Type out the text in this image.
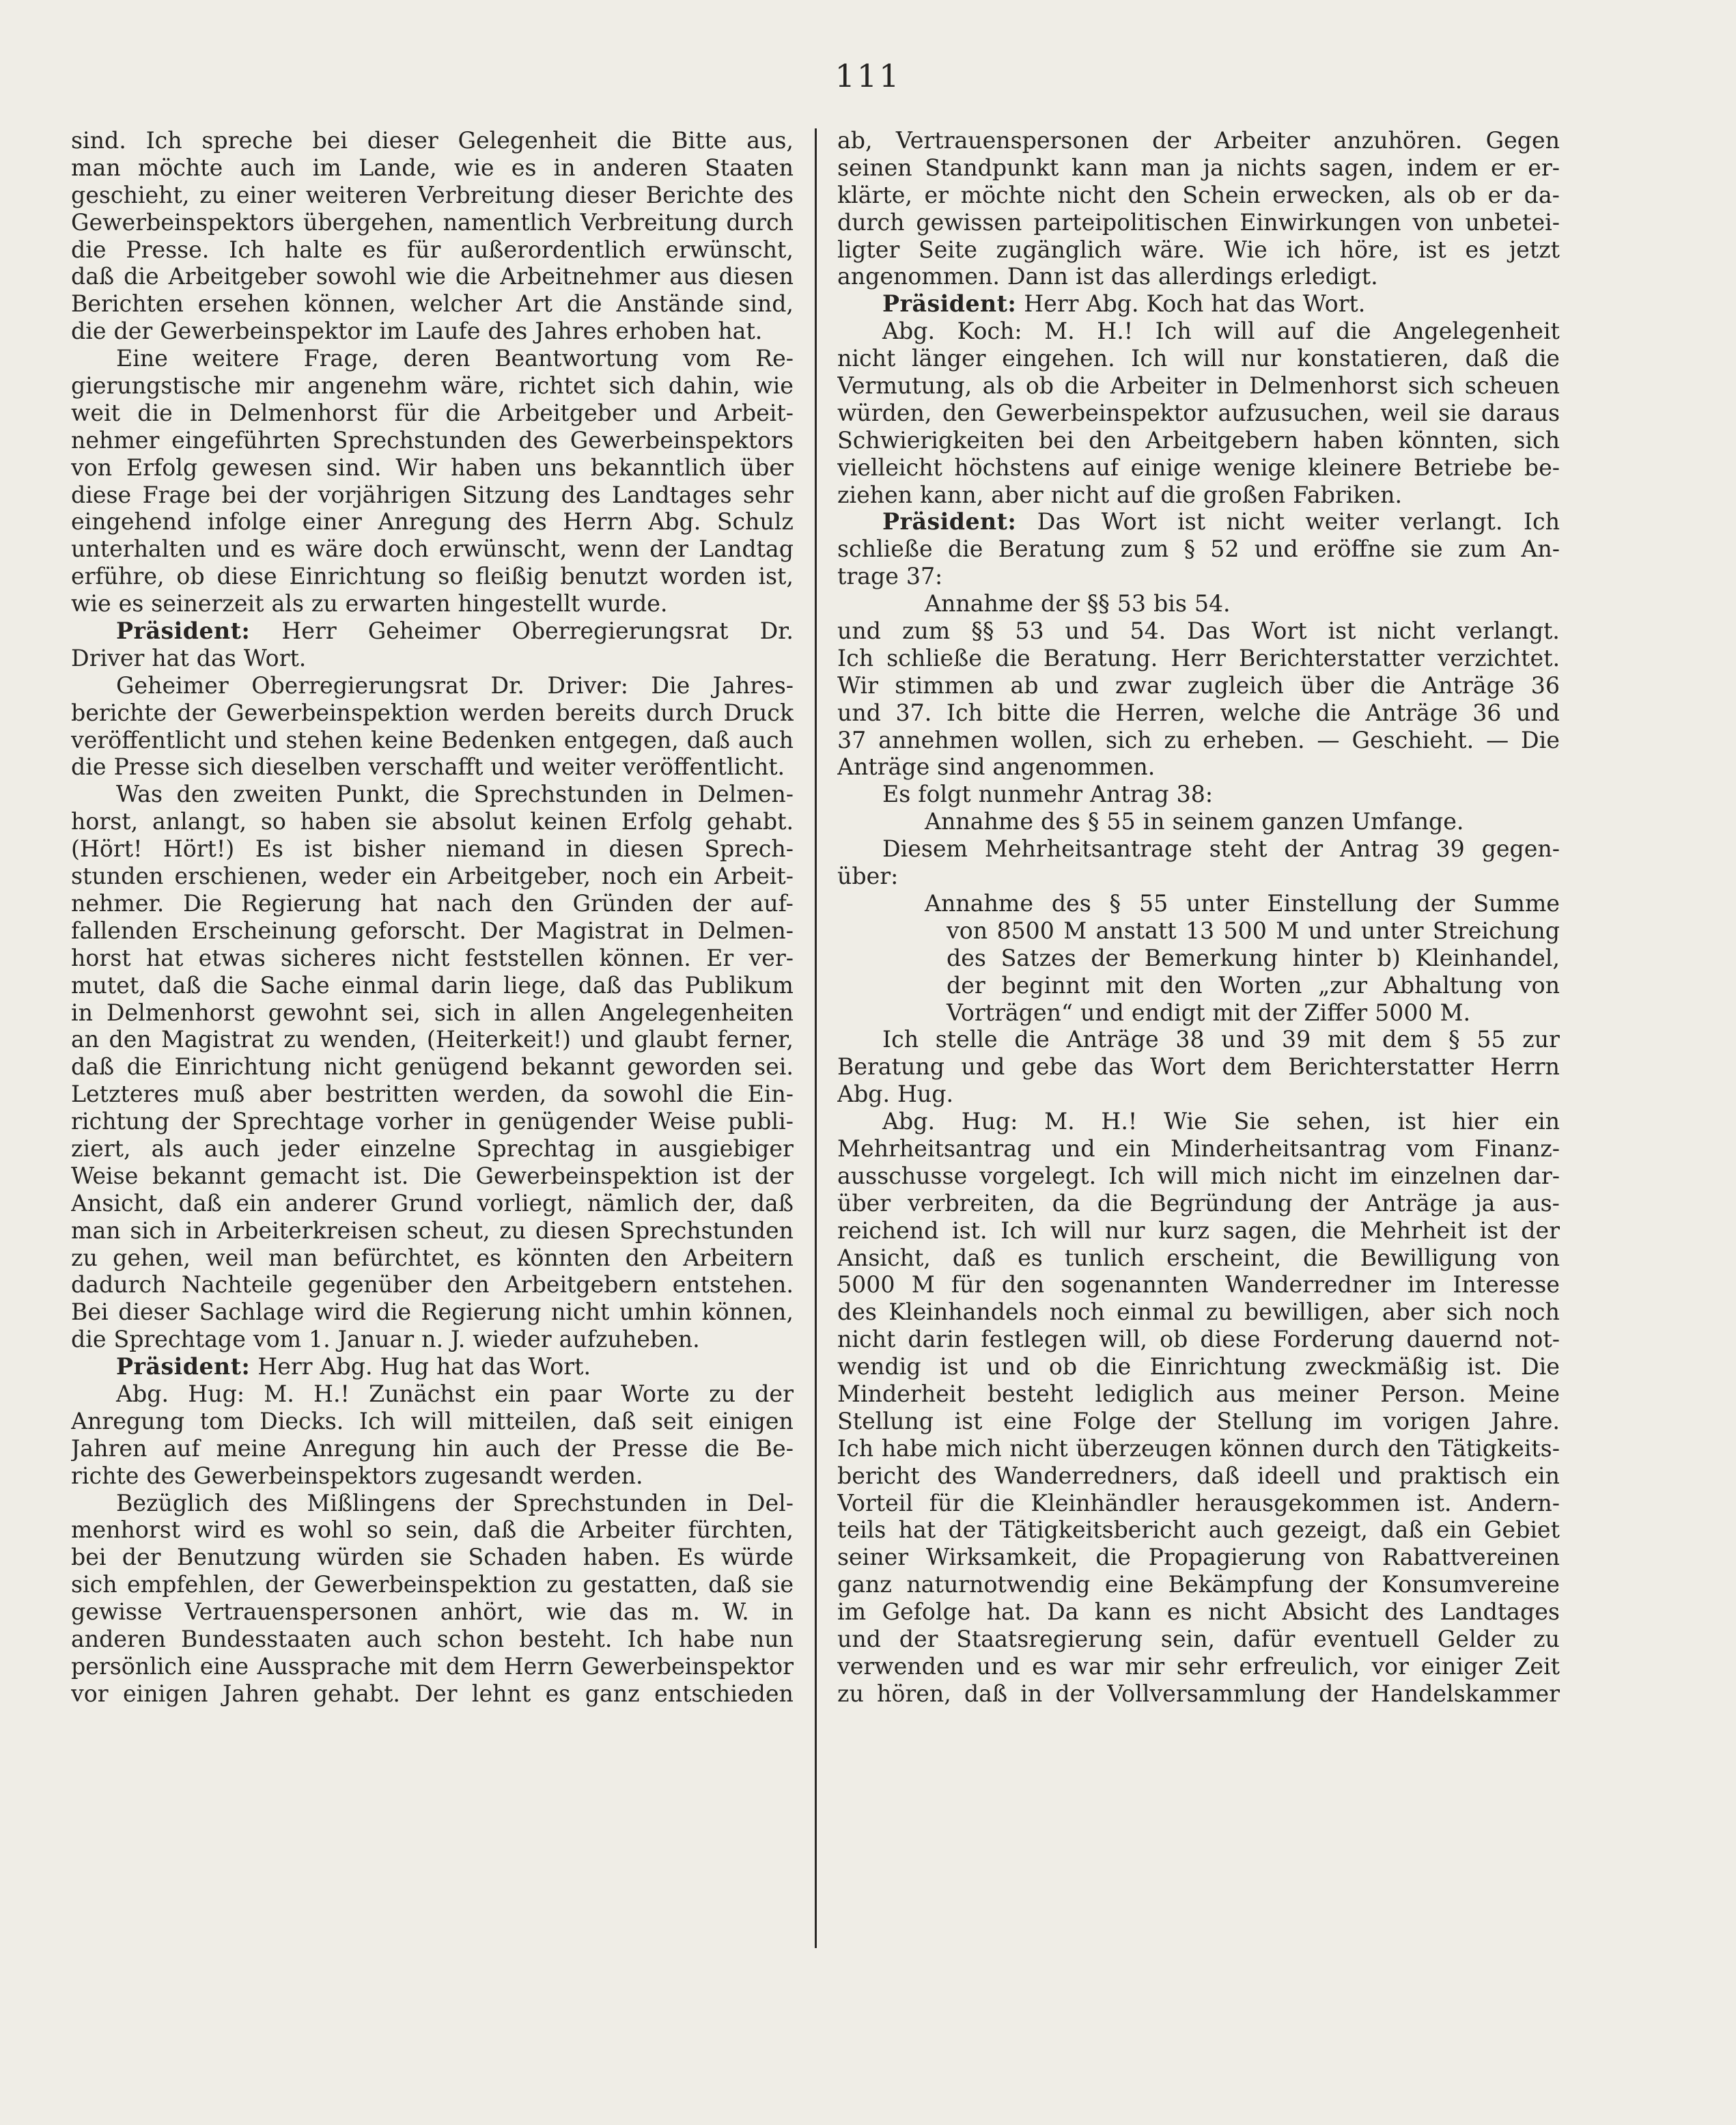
111
sind. Ich spreche bei dieser Gelegenheit die Bitte aus,
man möchte auch im Lande, wie es in anderen Staaten
geschieht, zu einer weiteren Verbreitung dieser Berichte des
Gewerbeinspektors übergehen, namentlich Verbreitung durch
die Presse. Ich halte es für außerordentlich erwünscht,
daß die Arbeitgeber sowohl wie die Arbeitnehmer aus diesen
Berichten ersehen können, welcher Art die Anstände sind,
die der Gewerbeinspektor im Laufe des Jahres erhoben hat.
Eine weitere Frage, deren Beantwortung vom Re-
gierungstische mir angenehm wäre, richtet sich dahin, wie
weit die in Delmenhorst für die Arbeitgeber und Arbeit-
nehmer eingeführten Sprechstunden des Gewerbeinspektors
von Erfolg gewesen sind. Wir haben uns bekanntlich über
diese Frage bei der vorjährigen Sitzung des Landtages sehr
eingehend infolge einer Anregung des Herrn Abg. Schulz
unterhalten und es wäre doch erwünscht, wenn der Landtag
erführe, ob diese Einrichtung so fleißig benutzt worden ist,
wie es seinerzeit als zu erwarten hingestellt wurde.
Präsident: Herr Geheimer Oberregierungsrat Dr.
Driver hat das Wort.
Geheimer Oberregierungsrat Dr. Driver: Die Jahres-
berichte der Gewerbeinspektion werden bereits durch Druck
veröffentlicht und stehen keine Bedenken entgegen, daß auch
die Presse sich dieselben verschafft und weiter veröffentlicht.
Was den zweiten Punkt, die Sprechstunden in Delmen-
horst, anlangt, so haben sie absolut keinen Erfolg gehabt.
(Hört! Hört!) Es ist bisher niemand in diesen Sprech-
stunden erschienen, weder ein Arbeitgeber, noch ein Arbeit-
nehmer. Die Regierung hat nach den Gründen der auf-
fallenden Erscheinung geforscht. Der Magistrat in Delmen-
horst hat etwas sicheres nicht feststellen können. Er ver-
mutet, daß die Sache einmal darin liege, daß das Publikum
in Delmenhorst gewohnt sei, sich in allen Angelegenheiten
an den Magistrat zu wenden, (Heiterkeit!) und glaubt ferner,
daß die Einrichtung nicht genügend bekannt geworden sei.
Letzteres muß aber bestritten werden, da sowohl die Ein-
richtung der Sprechtage vorher in genügender Weise publi-
ziert, als auch jeder einzelne Sprechtag in ausgiebiger
Weise bekannt gemacht ist. Die Gewerbeinspektion ist der
Ansicht, daß ein anderer Grund vorliegt, nämlich der, daß
man sich in Arbeiterkreisen scheut, zu diesen Sprechstunden
zu gehen, weil man befürchtet, es könnten den Arbeitern
dadurch Nachteile gegenüber den Arbeitgebern entstehen.
Bei dieser Sachlage wird die Regierung nicht umhin können,
die Sprechtage vom 1. Januar n. J. wieder aufzuheben.
Präsident: Herr Abg. Hug hat das Wort.
Abg. Hug: M. H.! Zunächst ein paar Worte zu der
Anregung tom Diecks. Ich will mitteilen, daß seit einigen
Jahren auf meine Anregung hin auch der Presse die Be-
richte des Gewerbeinspektors zugesandt werden.
Bezüglich des Mißlingens der Sprechstunden in Del-
menhorst wird es wohl so sein, daß die Arbeiter fürchten,
bei der Benutzung würden sie Schaden haben. Es würde
sich empfehlen, der Gewerbeinspektion zu gestatten, daß sie
gewisse Vertrauenspersonen anhört, wie das m. W. in
anderen Bundesstaaten auch schon besteht. Ich habe nun
persönlich eine Aussprache mit dem Herrn Gewerbeinspektor
vor einigen Jahren gehabt. Der lehnt es ganz entschieden
ab, Vertrauenspersonen der Arbeiter anzuhören. Gegen
seinen Standpunkt kann man ja nichts sagen, indem er er-
klärte, er möchte nicht den Schein erwecken, als ob er da-
durch gewissen parteipolitischen Einwirkungen von unbetei-
ligter Seite zugänglich wäre. Wie ich höre, ist es jetzt
angenommen. Dann ist das allerdings erledigt.
Präsident: Herr Abg. Koch hat das Wort.
Abg. Koch: M. H.! Ich will auf die Angelegenheit
nicht länger eingehen. Ich will nur konstatieren, daß die
Vermutung, als ob die Arbeiter in Delmenhorst sich scheuen
würden, den Gewerbeinspektor aufzusuchen, weil sie daraus
Schwierigkeiten bei den Arbeitgebern haben könnten, sich
vielleicht höchstens auf einige wenige kleinere Betriebe be-
ziehen kann, aber nicht auf die großen Fabriken.
Präsident: Das Wort ist nicht weiter verlangt. Ich
schließe die Beratung zum § 52 und eröffne sie zum An-
trage 37:
Annahme der §§ 53 bis 54.
und zum §§ 53 und 54. Das Wort ist nicht verlangt.
Ich schließe die Beratung. Herr Berichterstatter verzichtet.
Wir stimmen ab und zwar zugleich über die Anträge 36
und 37. Ich bitte die Herren, welche die Anträge 36 und
37 annehmen wollen, sich zu erheben. — Geschieht. — Die
Anträge sind angenommen.
Es folgt nunmehr Antrag 38:
Annahme des § 55 in seinem ganzen Umfange.
Diesem Mehrheitsantrage steht der Antrag 39 gegen-
über:
Annahme des § 55 unter Einstellung der Summe
von 8500 M anstatt 13 500 M und unter Streichung
des Satzes der Bemerkung hinter b) Kleinhandel,
der beginnt mit den Worten „zur Abhaltung von
Vorträgen“ und endigt mit der Ziffer 5000 M.
Ich stelle die Anträge 38 und 39 mit dem § 55 zur
Beratung und gebe das Wort dem Berichterstatter Herrn
Abg. Hug.
Abg. Hug: M. H.! Wie Sie sehen, ist hier ein
Mehrheitsantrag und ein Minderheitsantrag vom Finanz-
ausschusse vorgelegt. Ich will mich nicht im einzelnen dar-
über verbreiten, da die Begründung der Anträge ja aus-
reichend ist. Ich will nur kurz sagen, die Mehrheit ist der
Ansicht, daß es tunlich erscheint, die Bewilligung von
5000 M für den sogenannten Wanderredner im Interesse
des Kleinhandels noch einmal zu bewilligen, aber sich noch
nicht darin festlegen will, ob diese Forderung dauernd not-
wendig ist und ob die Einrichtung zweckmäßig ist. Die
Minderheit besteht lediglich aus meiner Person. Meine
Stellung ist eine Folge der Stellung im vorigen Jahre.
Ich habe mich nicht überzeugen können durch den Tätigkeits-
bericht des Wanderredners, daß ideell und praktisch ein
Vorteil für die Kleinhändler herausgekommen ist. Andern-
teils hat der Tätigkeitsbericht auch gezeigt, daß ein Gebiet
seiner Wirksamkeit, die Propagierung von Rabattvereinen
ganz naturnotwendig eine Bekämpfung der Konsumvereine
im Gefolge hat. Da kann es nicht Absicht des Landtages
und der Staatsregierung sein, dafür eventuell Gelder zu
verwenden und es war mir sehr erfreulich, vor einiger Zeit
zu hören, daß in der Vollversammlung der Handelskammer
